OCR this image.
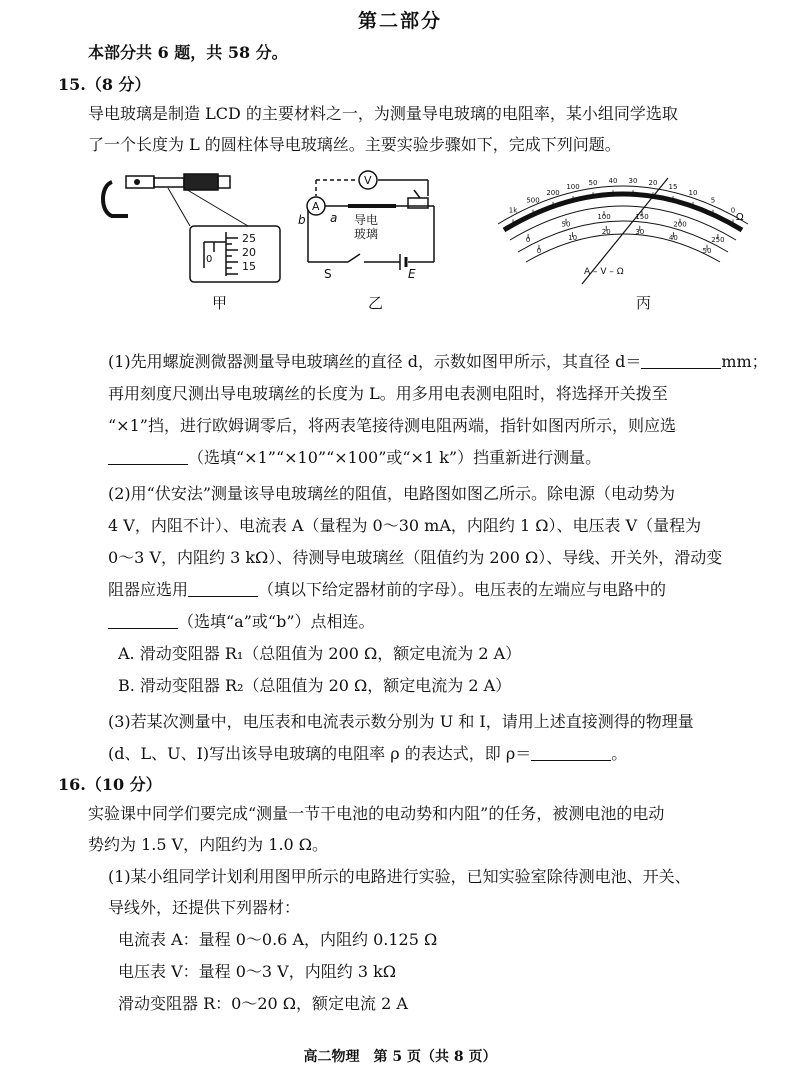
第二部分
本部分共 6 题，共 58 分。
15.（8 分）
导电玻璃是制造 LCD 的主要材料之一，为测量导电玻璃的电阻率，某小组同学选取
了一个长度为 L 的圆柱体导电玻璃丝。主要实验步骤如下，完成下列问题。
25
20
15
0
甲
V
A
b a 导电
玻璃
S	E
乙
1k
500
200
100 50 40 30 20 15
10
5
0
0
50
100	150
200
250
0
10
20	30
40
50
A – V – Ω
Ω
丙
(1)先用螺旋测微器测量导电玻璃丝的直径 d，示数如图甲所示，其直径 d＝	mm；
再用刻度尺测出导电玻璃丝的长度为 L。用多用电表测电阻时，将选择开关拨至
“×1”挡，进行欧姆调零后，将两表笔接待测电阻两端，指针如图丙所示，则应选
（选填“×1”“×10”“×100”或“×1 k”）挡重新进行测量。
(2)用“伏安法”测量该导电玻璃丝的阻值，电路图如图乙所示。除电源（电动势为
4 V，内阻不计）、电流表 A（量程为 0～30 mA，内阻约 1 Ω）、电压表 V（量程为
0～3 V，内阻约 3 kΩ）、待测导电玻璃丝（阻值约为 200 Ω）、导线、开关外，滑动变
阻器应选用	（填以下给定器材前的字母）。电压表的左端应与电路中的
（选填“a”或“b”）点相连。
A. 滑动变阻器 R₁（总阻值为 200 Ω，额定电流为 2 A）
B. 滑动变阻器 R₂（总阻值为 20 Ω，额定电流为 2 A）
(3)若某次测量中，电压表和电流表示数分别为 U 和 I，请用上述直接测得的物理量
(d、L、U、I)写出该导电玻璃的电阻率 ρ 的表达式，即 ρ＝	。
16.（10 分）
实验课中同学们要完成“测量一节干电池的电动势和内阻”的任务，被测电池的电动
势约为 1.5 V，内阻约为 1.0 Ω。
(1)某小组同学计划利用图甲所示的电路进行实验，已知实验室除待测电池、开关、
导线外，还提供下列器材：
电流表 A：量程 0～0.6 A，内阻约 0.125 Ω
电压表 V：量程 0～3 V，内阻约 3 kΩ
滑动变阻器 R：0～20 Ω，额定电流 2 A
高二物理　第 5 页（共 8 页）
